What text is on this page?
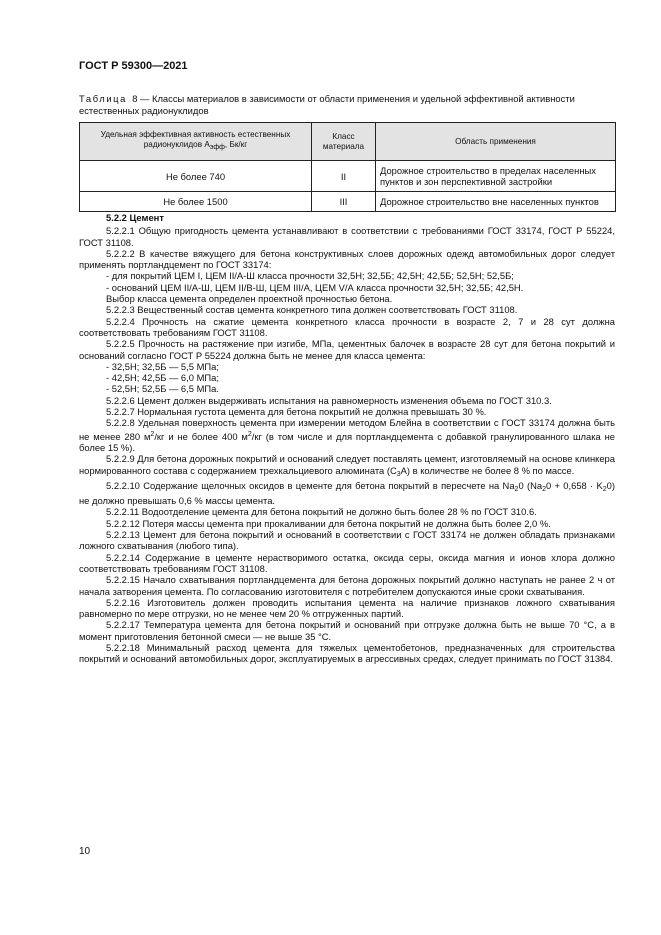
ГОСТ Р 59300—2021
Таблица 8 — Классы материалов в зависимости от области применения и удельной эффективной активности естественных радионуклидов
Удельная эффективная активность естественных радионуклидов Aэфф, Бк/кг	Класс материала	Область применения
Не более 740	II	Дорожное строительство в пределах населенных пунктов и зон перспективной застройки
Не более 1500	III	Дорожное строительство вне населенных пунктов

5.2.2 Цемент

5.2.2.1 Общую пригодность цемента устанавливают в соответствии с требованиями ГОСТ 33174, ГОСТ Р 55224, ГОСТ 31108.

5.2.2.2 В качестве вяжущего для бетона конструктивных слоев дорожных одежд автомобильных дорог следует применять портландцемент по ГОСТ 33174:

- для покрытий ЦЕМ I, ЦЕМ II/А-Ш класса прочности 32,5Н; 32,5Б; 42,5Н; 42,5Б; 52,5Н; 52,5Б;

- оснований ЦЕМ II/А-Ш, ЦЕМ II/В-Ш, ЦЕМ III/А, ЦЕМ V/А класса прочности 32,5Н; 32,5Б; 42,5Н.

Выбор класса цемента определен проектной прочностью бетона.

5.2.2.3 Вещественный состав цемента конкретного типа должен соответствовать ГОСТ 31108.

5.2.2.4 Прочность на сжатие цемента конкретного класса прочности в возрасте 2, 7 и 28 сут должна соответствовать требованиям ГОСТ 31108.

5.2.2.5 Прочность на растяжение при изгибе, МПа, цементных балочек в возрасте 28 сут для бетона покрытий и оснований согласно ГОСТ Р 55224 должна быть не менее для класса цемента:

- 32,5Н; 32,5Б — 5,5 МПа;

- 42,5Н; 42,5Б — 6,0 МПа;

- 52,5Н; 52,5Б — 6,5 МПа.

5.2.2.6 Цемент должен выдерживать испытания на равномерность изменения объема по ГОСТ 310.3.

5.2.2.7 Нормальная густота цемента для бетона покрытий не должна превышать 30 %.

5.2.2.8 Удельная поверхность цемента при измерении методом Блейна в соответствии с ГОСТ 33174 должна быть не менее 280 $м^2/кг$ и не более 400 $м^2/кг$ (в том числе и для портландцемента с добавкой гранулированного шлака не более 15 %).

5.2.2.9 Для бетона дорожных покрытий и оснований следует поставлять цемент, изготовляемый на основе клинкера нормированного состава с содержанием трехкальциевого алюмината $(C_3A)$ в количестве не более 8 % по массе.

5.2.2.10 Содержание щелочных оксидов в цементе для бетона покрытий в пересчете на $Na_20$ $(Na_20 + 0,658 \cdot K_20)$ не должно превышать 0,6 % массы цемента.

5.2.2.11 Водоотделение цемента для бетона покрытий не должно быть более 28 % по ГОСТ 310.6.

5.2.2.12 Потеря массы цемента при прокаливании для бетона покрытий не должна быть более 2,0 %.

5.2.2.13 Цемент для бетона покрытий и оснований в соответствии с ГОСТ 33174 не должен обладать признаками ложного схватывания (любого типа).

5.2.2.14 Содержание в цементе нерастворимого остатка, оксида серы, оксида магния и ионов хлора должно соответствовать требованиям ГОСТ 31108.

5.2.2.15 Начало схватывания портландцемента для бетона дорожных покрытий должно наступать не ранее 2 ч от начала затворения цемента. По согласованию изготовителя с потребителем допускаются иные сроки схватывания.

5.2.2.16 Изготовитель должен проводить испытания цемента на наличие признаков ложного схватывания равномерно по мере отгрузки, но не менее чем 20 % отгруженных партий.

5.2.2.17 Температура цемента для бетона покрытий и оснований при отгрузке должна быть не выше 70 °С, а в момент приготовления бетонной смеси — не выше 35 °С.

5.2.2.18 Минимальный расход цемента для тяжелых цементобетонов, предназначенных для строительства покрытий и оснований автомобильных дорог, эксплуатируемых в агрессивных средах, следует принимать по ГОСТ 31384.

10
